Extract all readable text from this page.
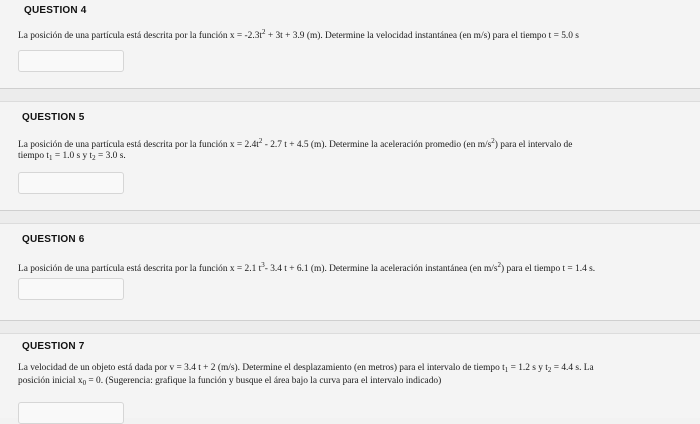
QUESTION 4
La posición de una partícula está descrita por la función $x = -2.3t^2 + 3t + 3.9$ (m). Determine la velocidad instantánea (en m/s) para el tiempo t = 5.0 s
QUESTION 5
La posición de una partícula está descrita por la función $x = 2.4t^2 - 2.7$ t + 4.5 (m). Determine la aceleración promedio (en $m/s^2$) para el intervalo de
tiempo $t_1 = 1.0$ s y $t_2 = 3.0$ s.
QUESTION 6
La posición de una partícula está descrita por la función x = 2.1 $t^3-$ 3.4 t + 6.1 (m). Determine la aceleración instantánea (en $m/s^2$) para el tiempo t = 1.4 s.
QUESTION 7
La velocidad de un objeto está dada por v = 3.4 t + 2 (m/s). Determine el desplazamiento (en metros) para el intervalo de tiempo $t_1 = 1.2$ s y $t_2 = 4.4$ s. La
posición inicial $x_0 = 0$. (Sugerencia: grafique la función y busque el área bajo la curva para el intervalo indicado)
